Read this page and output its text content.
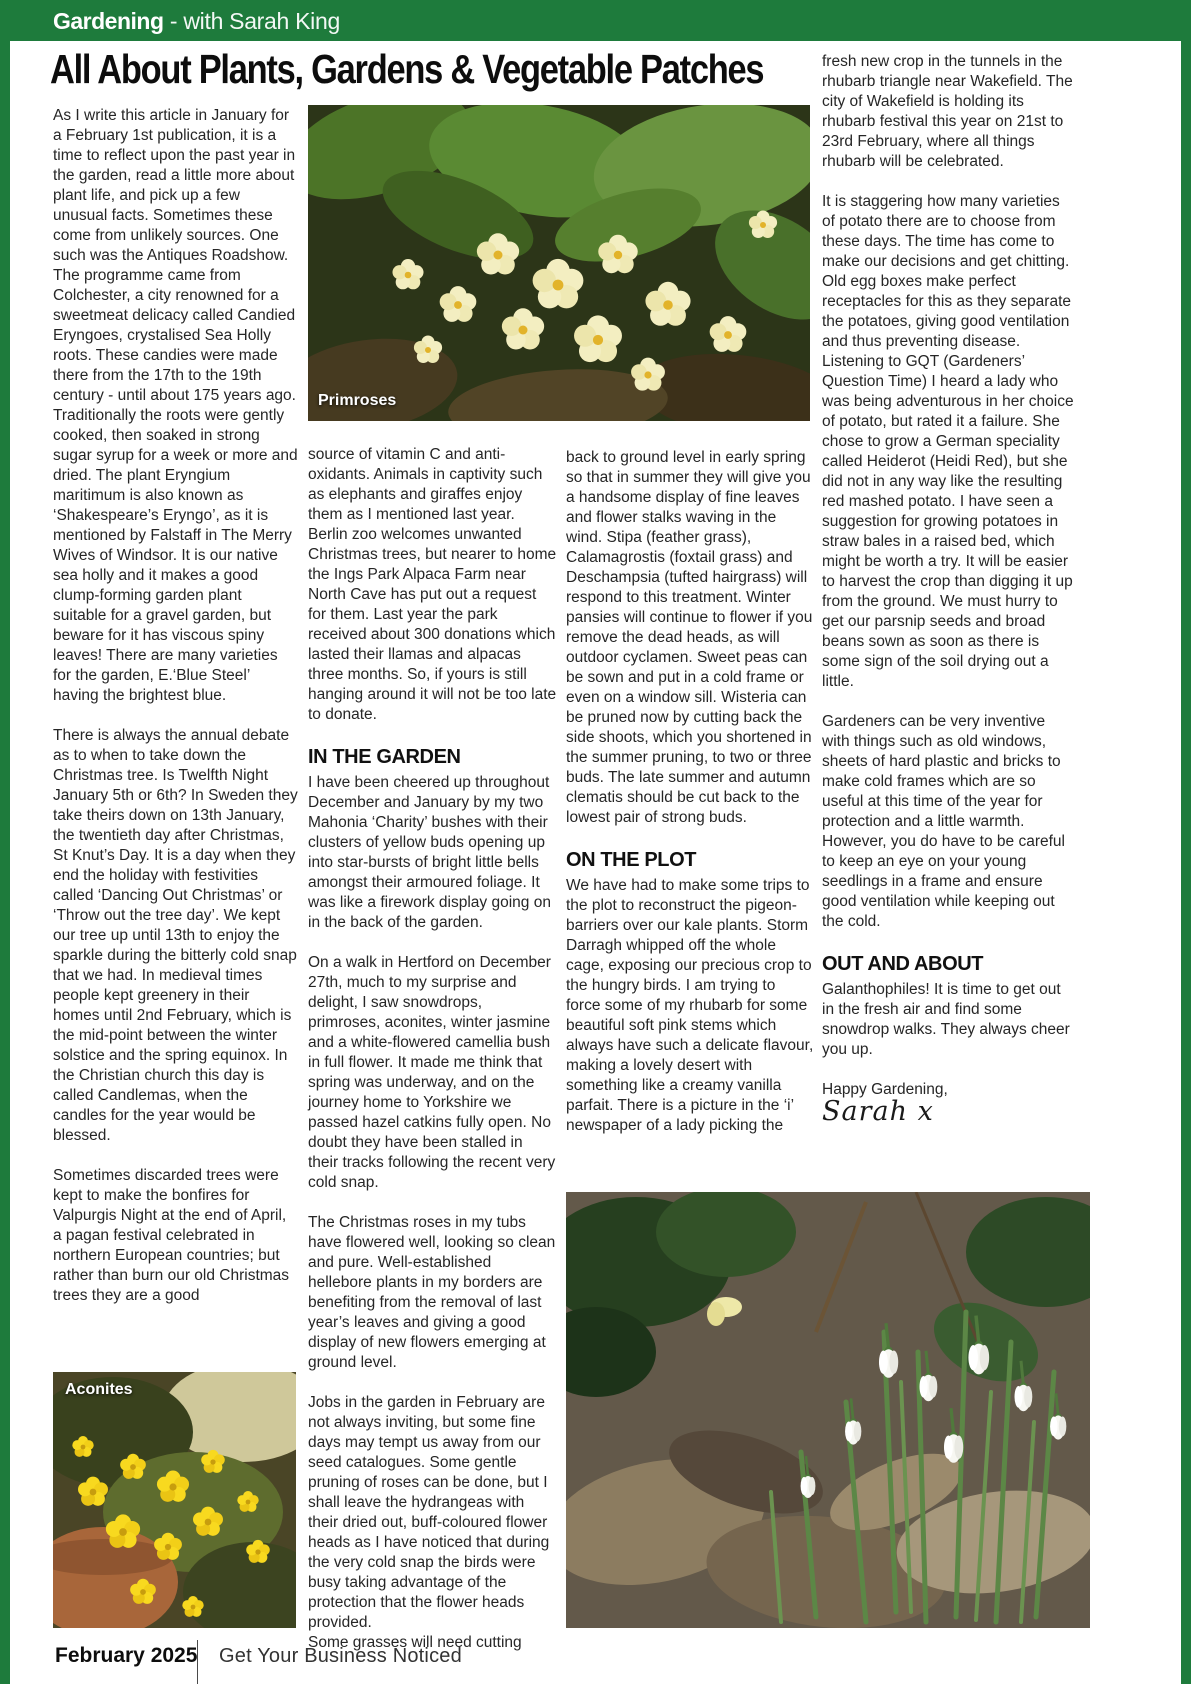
Gardening - with Sarah King
All About Plants, Gardens & Vegetable Patches
Primroses
Aconites

As I write this article in January for a February 1st publication, it is a time to reflect upon the past year in the garden, read a little more about plant life, and pick up a few unusual facts. Sometimes these come from unlikely sources. One such was the Antiques Roadshow. The programme came from Colchester, a city renowned for a sweetmeat delicacy called Candied Eryngoes, crystalised Sea Holly roots. These candies were made there from the 17th to the 19th century - until about 175 years ago. Traditionally the roots were gently cooked, then soaked in strong sugar syrup for a week or more and dried. The plant Eryngium maritimum is also known as ‘Shakespeare’s Eryngo’, as it is mentioned by Falstaff in The Merry Wives of Windsor. It is our native sea holly and it makes a good clump-forming garden plant suitable for a gravel garden, but beware for it has viscous spiny leaves! There are many varieties for the garden, E.‘Blue Steel’ having the brightest blue.

There is always the annual debate as to when to take down the Christmas tree. Is Twelfth Night January 5th or 6th? In Sweden they take theirs down on 13th January, the twentieth day after Christmas, St Knut’s Day. It is a day when they end the holiday with festivities called ‘Dancing Out Christmas’ or ‘Throw out the tree day’. We kept our tree up until 13th to enjoy the sparkle during the bitterly cold snap that we had. In medieval times people kept greenery in their homes until 2nd February, which is the mid-point between the winter solstice and the spring equinox. In the Christian church this day is called Candlemas, when the candles for the year would be blessed.

Sometimes discarded trees were kept to make the bonfires for Valpurgis Night at the end of April, a pagan festival celebrated in northern European countries; but rather than burn our old Christmas trees they are a good

source of vitamin C and anti-oxidants. Animals in captivity such as elephants and giraffes enjoy them as I mentioned last year. Berlin zoo welcomes unwanted Christmas trees, but nearer to home the Ings Park Alpaca Farm near North Cave has put out a request for them. Last year the park received about 300 donations which lasted their llamas and alpacas three months. So, if yours is still hanging around it will not be too late to donate.

IN THE GARDEN

I have been cheered up throughout December and January by my two Mahonia ‘Charity’ bushes with their clusters of yellow buds opening up into star-bursts of bright little bells amongst their armoured foliage. It was like a firework display going on in the back of the garden.

On a walk in Hertford on December 27th, much to my surprise and delight, I saw snowdrops, primroses, aconites, winter jasmine and a white-flowered camellia bush in full flower. It made me think that spring was underway, and on the journey home to Yorkshire we passed hazel catkins fully open. No doubt they have been stalled in their tracks following the recent very cold snap.

The Christmas roses in my tubs have flowered well, looking so clean and pure. Well-established hellebore plants in my borders are benefiting from the removal of last year’s leaves and giving a good display of new flowers emerging at ground level.

Jobs in the garden in February are not always inviting, but some fine days may tempt us away from our seed catalogues. Some gentle pruning of roses can be done, but I shall leave the hydrangeas with their dried out, buff-coloured flower heads as I have noticed that during the very cold snap the birds were busy taking advantage of the protection that the flower heads provided.

Some grasses will need cutting

back to ground level in early spring so that in summer they will give you a handsome display of fine leaves and flower stalks waving in the wind. Stipa (feather grass), Calamagrostis (foxtail grass) and Deschampsia (tufted hairgrass) will respond to this treatment. Winter pansies will continue to flower if you remove the dead heads, as will outdoor cyclamen. Sweet peas can be sown and put in a cold frame or even on a window sill. Wisteria can be pruned now by cutting back the side shoots, which you shortened in the summer pruning, to two or three buds. The late summer and autumn clematis should be cut back to the lowest pair of strong buds.

ON THE PLOT

We have had to make some trips to the plot to reconstruct the pigeon-barriers over our kale plants. Storm Darragh whipped off the whole cage, exposing our precious crop to the hungry birds. I am trying to force some of my rhubarb for some beautiful soft pink stems which always have such a delicate flavour, making a lovely desert with something like a creamy vanilla parfait. There is a picture in the ‘i’ newspaper of a lady picking the

fresh new crop in the tunnels in the rhubarb triangle near Wakefield. The city of Wakefield is holding its rhubarb festival this year on 21st to 23rd February, where all things rhubarb will be celebrated.

It is staggering how many varieties of potato there are to choose from these days. The time has come to make our decisions and get chitting. Old egg boxes make perfect receptacles for this as they separate the potatoes, giving good ventilation and thus preventing disease. Listening to GQT (Gardeners’ Question Time) I heard a lady who was being adventurous in her choice of potato, but rated it a failure. She chose to grow a German speciality called Heiderot (Heidi Red), but she did not in any way like the resulting red mashed potato. I have seen a suggestion for growing potatoes in straw bales in a raised bed, which might be worth a try. It will be easier to harvest the crop than digging it up from the ground. We must hurry to get our parsnip seeds and broad beans sown as soon as there is some sign of the soil drying out a little.

Gardeners can be very inventive with things such as old windows, sheets of hard plastic and bricks to make cold frames which are so useful at this time of the year for protection and a little warmth. However, you do have to be careful to keep an eye on your young seedlings in a frame and ensure good ventilation while keeping out the cold.

OUT AND ABOUT

Galanthophiles! It is time to get out in the fresh air and find some snowdrop walks. They always cheer you up.

Happy Gardening,

Sarah x
February 2025 Get Your Business Noticed
